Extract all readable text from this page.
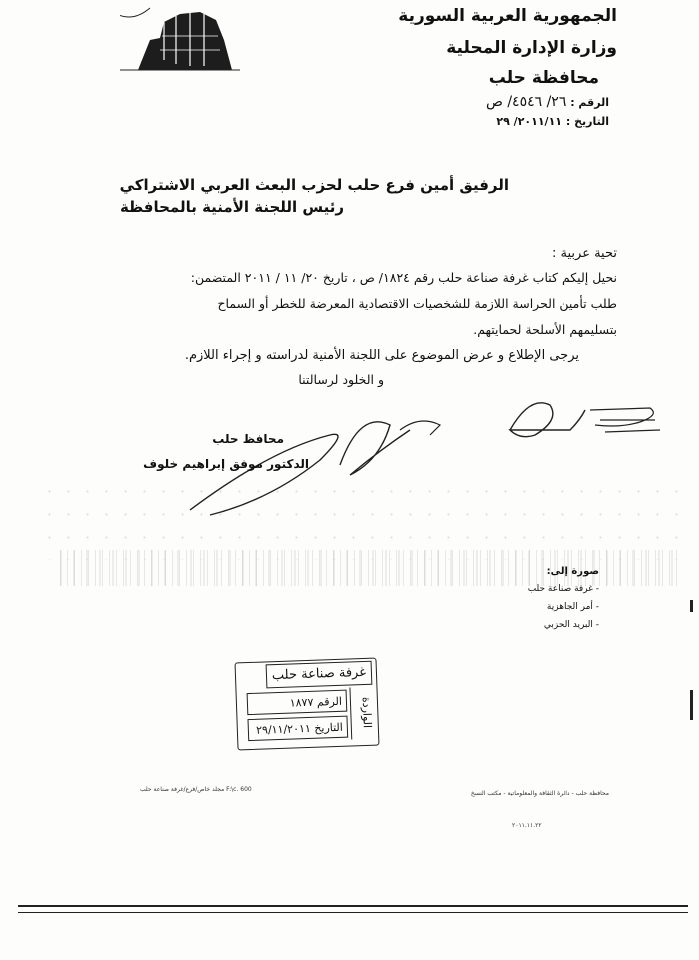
الجمهورية العربية السورية
وزارة الإدارة المحلية
محافظة حلب
الرقم : ٢٦/ ٤٥٤٦/ ص
التاريخ : ٢٠١١/١١/ ٢٩
الرفيق أمين فرع حلب لحزب البعث العربي الاشتراكي
رئيس اللجنة الأمنية بالمحافظة
تحية عربية :
نحيل إليكم كتاب غرفة صناعة حلب رقم ١٨٢٤/ ص ، تاريخ ٢٠/ ١١ / ٢٠١١ المتضمن:
طلب تأمين الحراسة اللازمة للشخصيات الاقتصادية المعرضة للخطر أو السماح
بتسليمهم الأسلحة لحمايتهم.
يرجى الإطلاع و عرض الموضوع على اللجنة الأمنية لدراسته و إجراء اللازم.
و الخلود لرسالتنا
محافظ حلب
الدكتور موفق إبراهيم خلوف
صورة إلى:
- غرفة صناعة حلب
- أمر الجاهزية
- البريد الحزبي
غرفة صناعة حلب
الواردة
الرقم ١٨٧٧
التاريخ ٢٩/١١/٢٠١١
F:\c. 600 مجلد خاص/فرع/غرفة صناعة حلب
محافظة حلب - دائرة الثقافة والمعلوماتية - مكتب النسخ
٢٠١١.١١.٢٢
